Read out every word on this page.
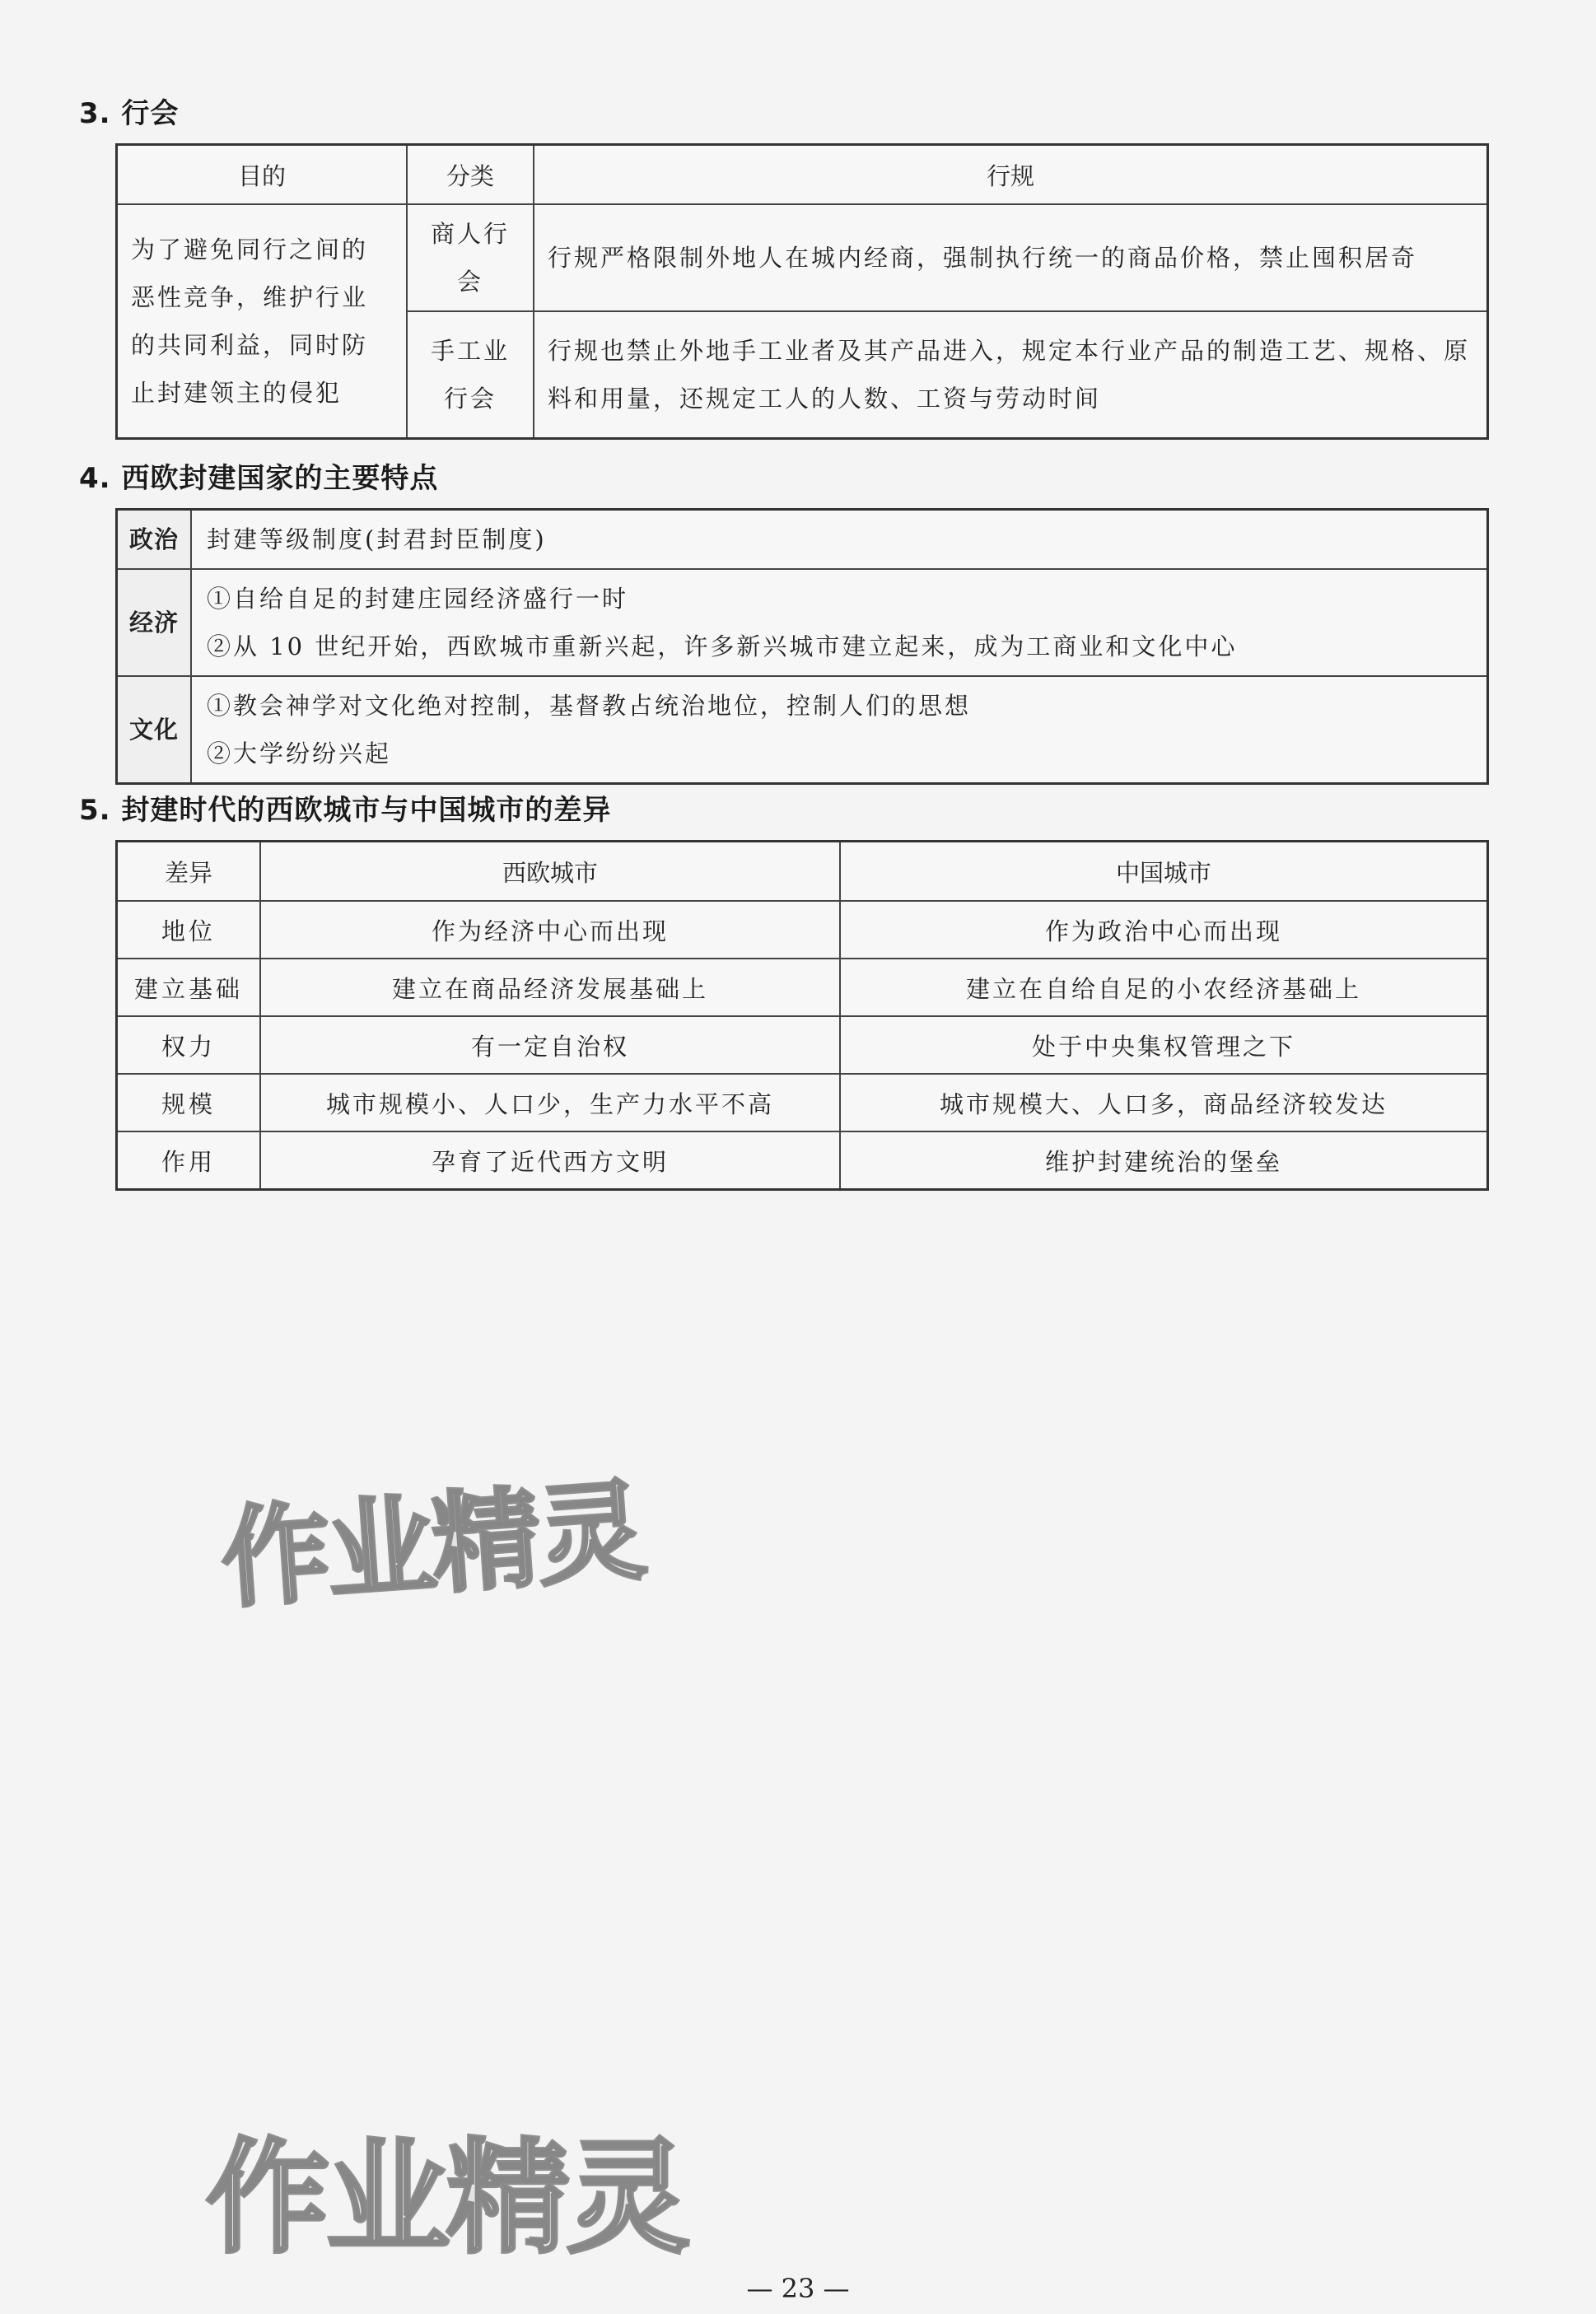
3. 行会
目的	分类	行规
为了避免同行之间的恶性竞争，维护行业的共同利益，同时防止封建领主的侵犯	商人行会	行规严格限制外地人在城内经商，强制执行统一的商品价格，禁止囤积居奇
	手工业行会	行规也禁止外地手工业者及其产品进入，规定本行业产品的制造工艺、规格、原料和用量，还规定工人的人数、工资与劳动时间
4. 西欧封建国家的主要特点
政治	封建等级制度(封君封臣制度)
经济	①自给自足的封建庄园经济盛行一时
②从 10 世纪开始，西欧城市重新兴起，许多新兴城市建立起来，成为工商业和文化中心

文化	①教会神学对文化绝对控制，基督教占统治地位，控制人们的思想
②大学纷纷兴起
5. 封建时代的西欧城市与中国城市的差异
差异	西欧城市	中国城市
地位	作为经济中心而出现	作为政治中心而出现
建立基础	建立在商品经济发展基础上	建立在自给自足的小农经济基础上
权力	有一定自治权	处于中央集权管理之下
规模	城市规模小、人口少，生产力水平不高	城市规模大、人口多，商品经济较发达
作用	孕育了近代西方文明	维护封建统治的堡垒
作业精灵
作业精灵
— 23 —
